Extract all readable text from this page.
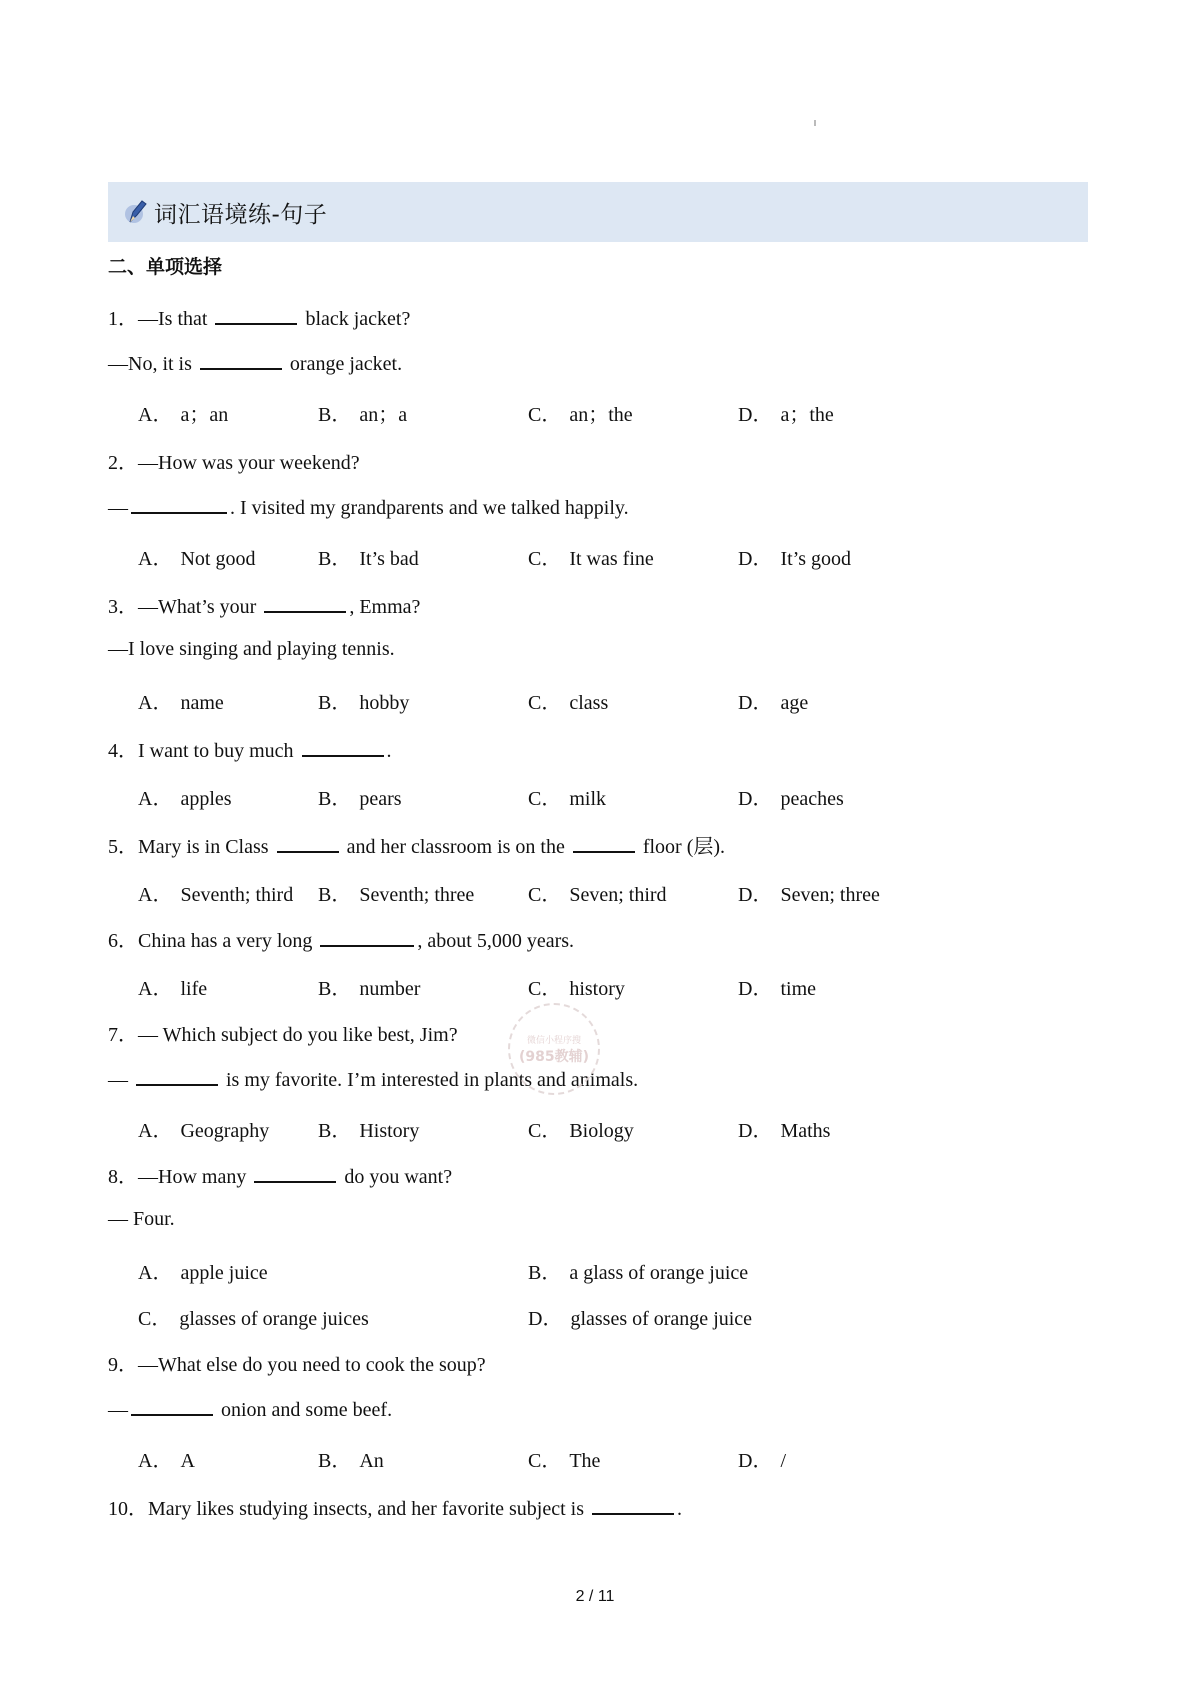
词汇语境练-句子
二、单项选择
1．—Is that	black jacket?
—No, it is	orange jacket.
A． a；an	B． an；a	C． an；the	D． a；the
2．—How was your weekend?
—	. I visited my grandparents and we talked happily.
A． Not good	B． It’s bad	C． It was fine	D． It’s good
3．—What’s your	, Emma?
—I love singing and playing tennis.
A． name	B． hobby	C． class	D． age
4．I want to buy much	.
A． apples	B． pears	C． milk	D． peaches
5．Mary is in Class	and her classroom is on the	floor (层).
A． Seventh; third B． Seventh; three	C． Seven; third	D． Seven; three
6．China has a very long	, about 5,000 years.
A． life	B． number	C． history	D． time
7．— Which subject do you like best, Jim?
—	is my favorite. I’m interested in plants and animals.
A． Geography B． History	C． Biology	D． Maths
8．—How many	do you want?
— Four.
A． apple juice	B． a glass of orange juice
C． glasses of orange juices	D． glasses of orange juice
9．—What else do you need to cook the soup?
—	onion and some beef.
A． A	B． An	C． The	D． /
10．Mary likes studying insects, and her favorite subject is	.
微信小程序搜
(985教辅)
2 / 11
